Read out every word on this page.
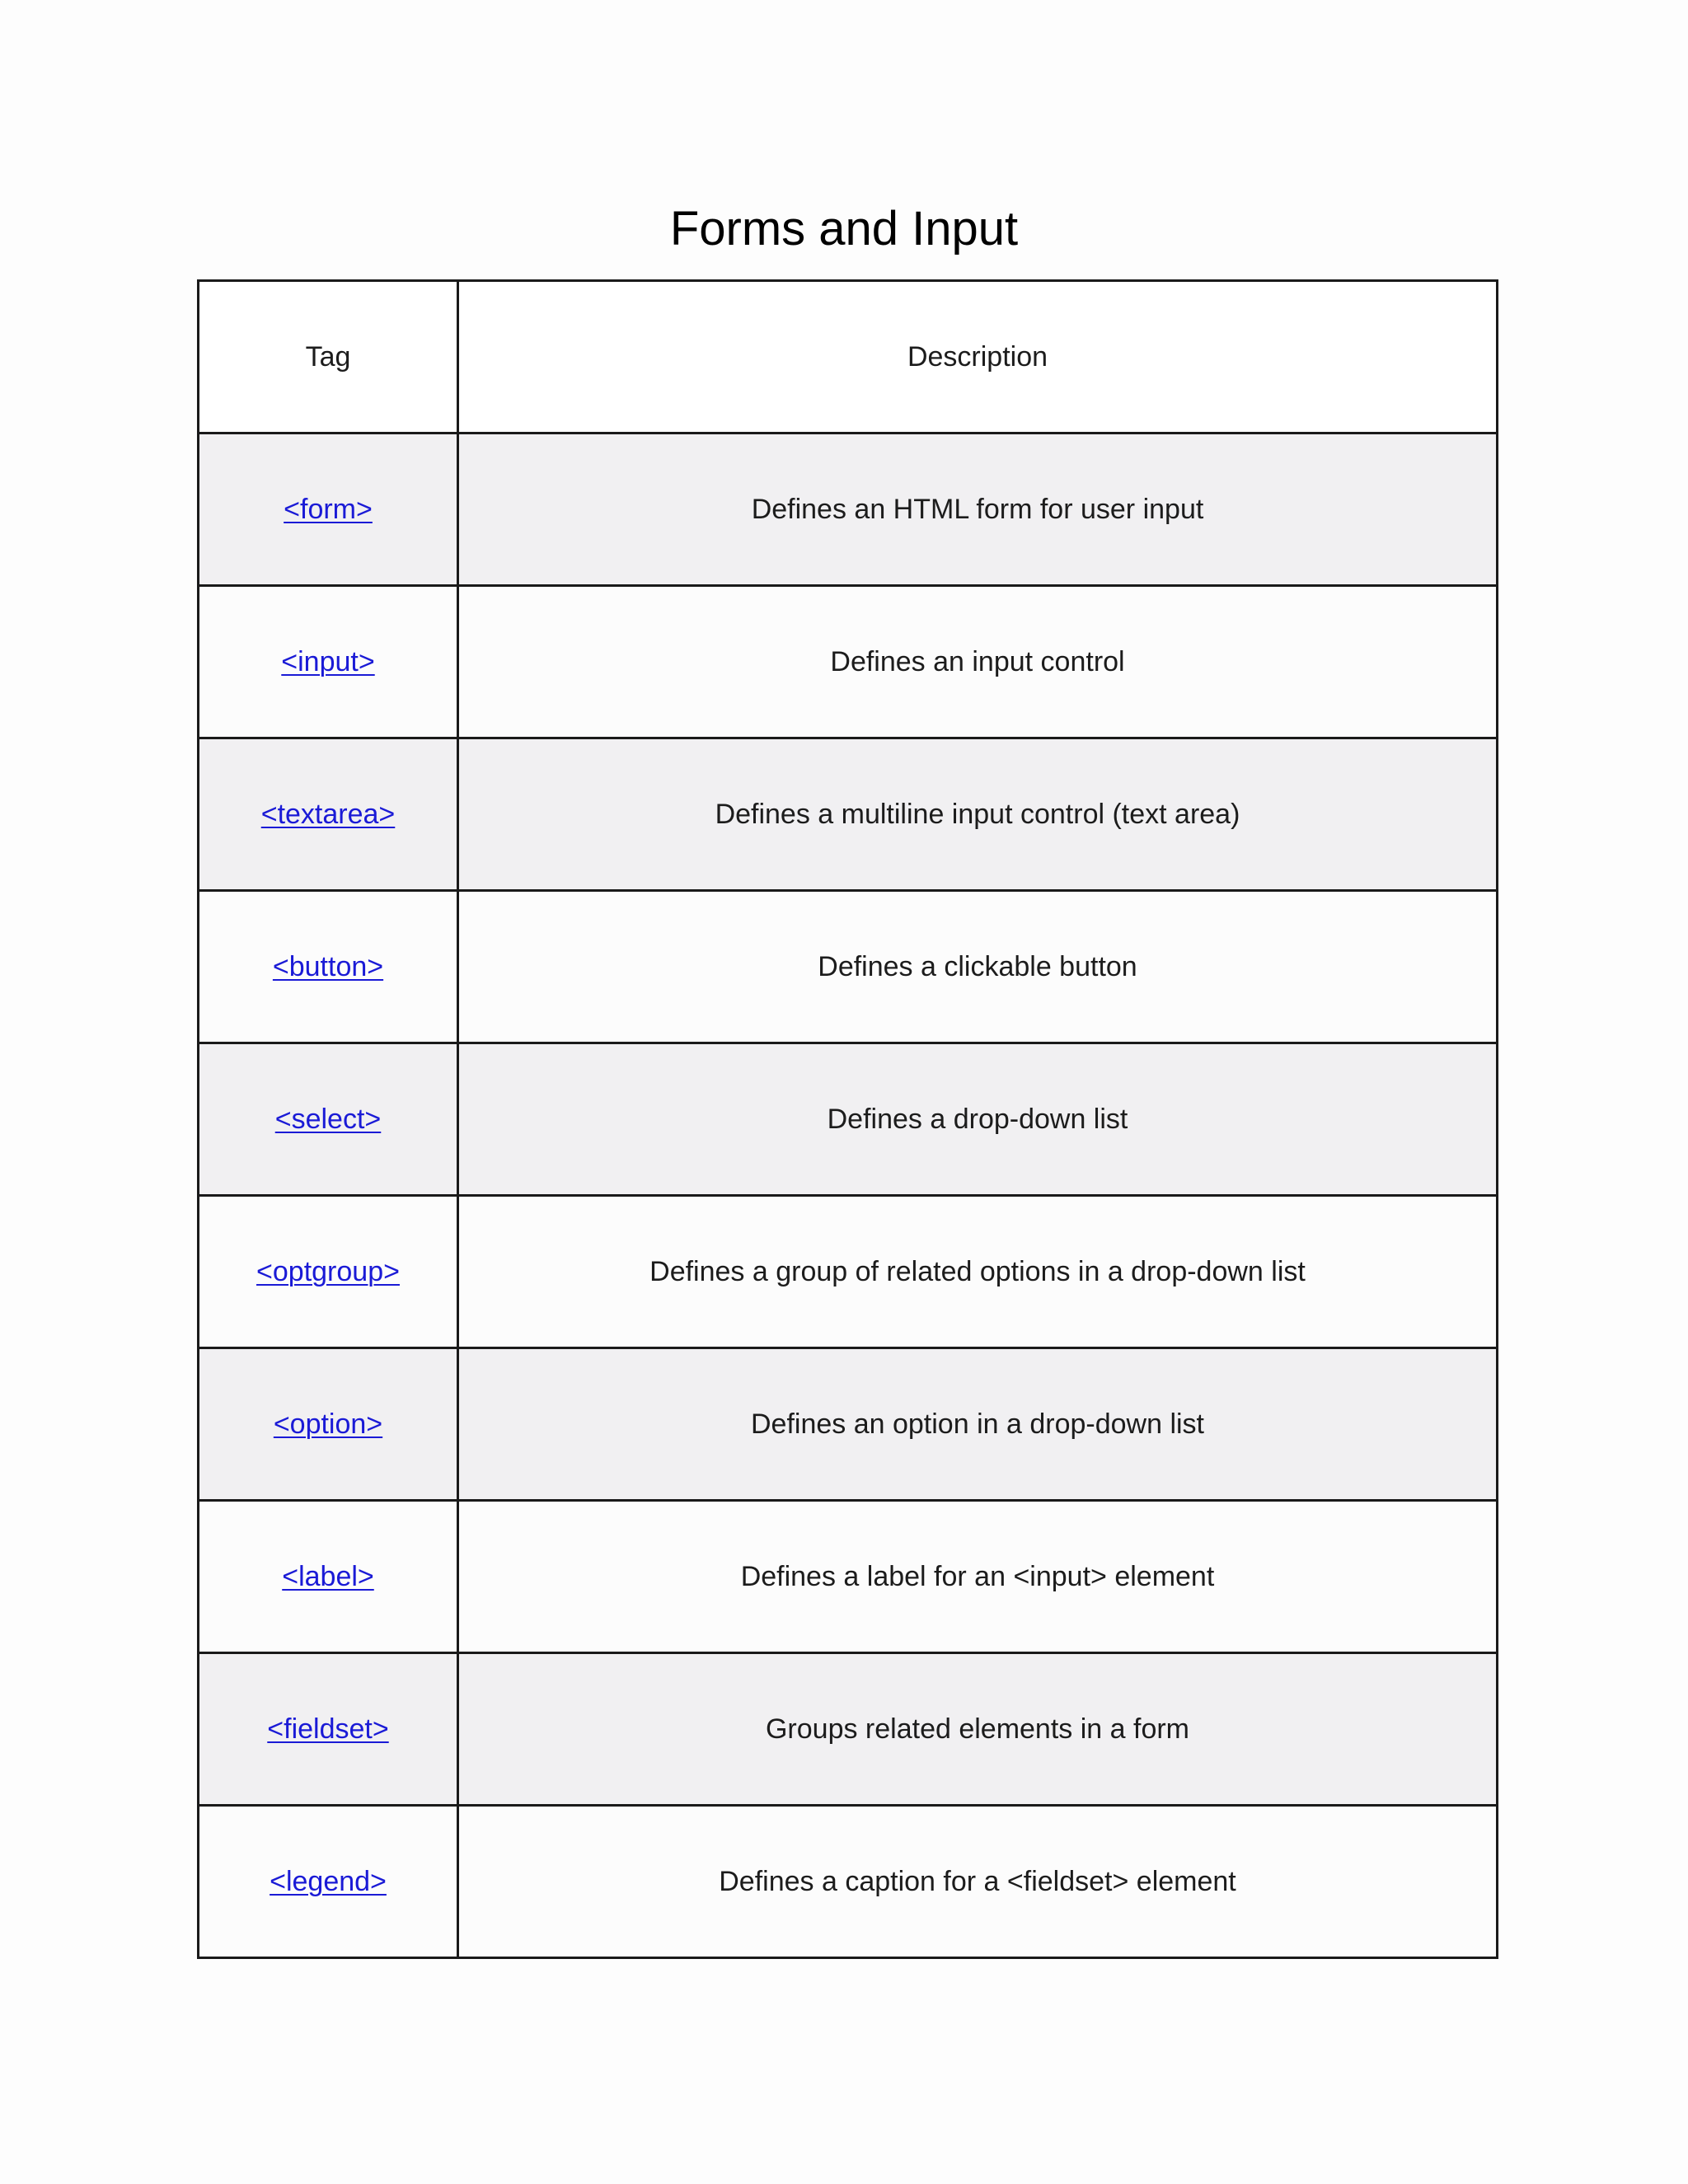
Forms and Input
Tag	Description
<form>	Defines an HTML form for user input
<input>	Defines an input control
<textarea>	Defines a multiline input control (text area)
<button>	Defines a clickable button
<select>	Defines a drop-down list
<optgroup>	Defines a group of related options in a drop-down list
<option>	Defines an option in a drop-down list
<label>	Defines a label for an <input> element
<fieldset>	Groups related elements in a form
<legend>	Defines a caption for a <fieldset> element
